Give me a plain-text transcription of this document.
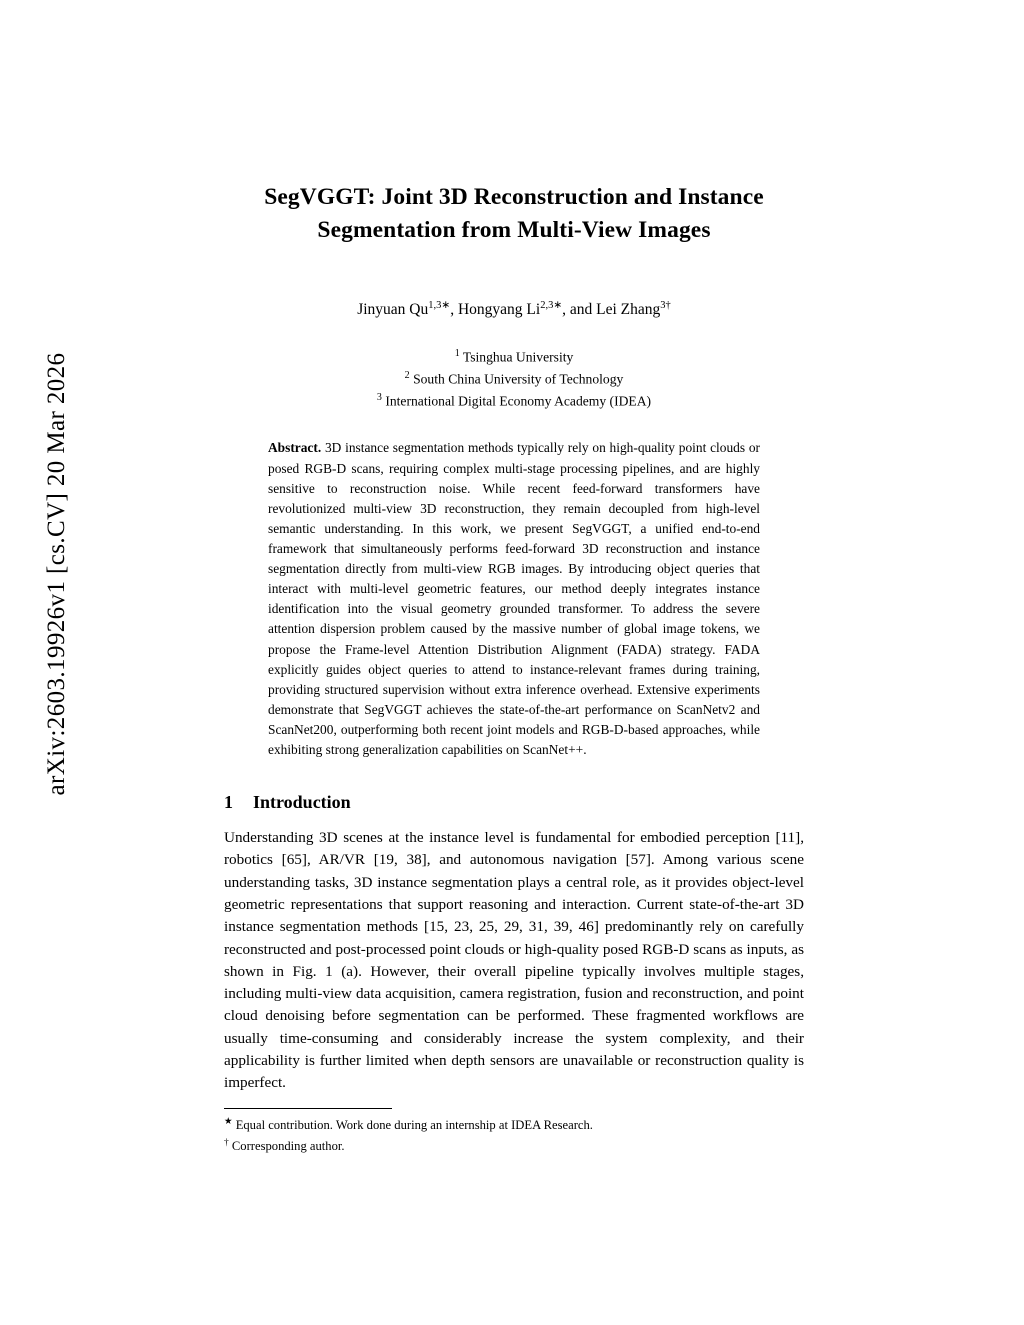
arXiv:2603.19926v1 [cs.CV] 20 Mar 2026
SegVGGT: Joint 3D Reconstruction and Instance
Segmentation from Multi-View Images
Jinyuan $Qu^{1,3∗}$, Hongyang $Li^{2,3∗}$, and Lei Zhang$^{3\dagger}$
$^1$ Tsinghua University
$^2$ South China University of Technology
$^3$ International Digital Economy Academy (IDEA)
Abstract. 3D instance segmentation methods typically rely on high-quality point clouds or posed RGB-D scans, requiring complex multi-stage processing pipelines, and are highly sensitive to reconstruction noise. While recent feed-forward transformers have revolutionized multi-view 3D reconstruction, they remain decoupled from high-level semantic understanding. In this work, we present SegVGGT, a unified end-to-end framework that simultaneously performs feed-forward 3D reconstruction and instance segmentation directly from multi-view RGB images. By introducing object queries that interact with multi-level geometric features, our method deeply integrates instance identification into the visual geometry grounded transformer. To address the severe attention dispersion problem caused by the massive number of global image tokens, we propose the Frame-level Attention Distribution Alignment (FADA) strategy. FADA explicitly guides object queries to attend to instance-relevant frames during training, providing structured supervision without extra inference overhead. Extensive experiments demonstrate that SegVGGT achieves the state-of-the-art performance on ScanNetv2 and ScanNet200, outperforming both recent joint models and RGB-D-based approaches, while exhibiting strong generalization capabilities on ScanNet++.
1 Introduction
Understanding 3D scenes at the instance level is fundamental for embodied perception [11], robotics [65], AR/VR [19, 38], and autonomous navigation [57]. Among various scene understanding tasks, 3D instance segmentation plays a central role, as it provides object-level geometric representations that support reasoning and interaction. Current state-of-the-art 3D instance segmentation methods [15, 23, 25, 29, 31, 39, 46] predominantly rely on carefully reconstructed and post-processed point clouds or high-quality posed RGB-D scans as inputs, as shown in Fig. 1 (a). However, their overall pipeline typically involves multiple stages, including multi-view data acquisition, camera registration, fusion and reconstruction, and point cloud denoising before segmentation can be performed. These fragmented workflows are usually time-consuming and considerably increase the system complexity, and their applicability is further limited when depth sensors are unavailable or reconstruction quality is imperfect.
★ Equal contribution. Work done during an internship at IDEA Research.
† Corresponding author.
